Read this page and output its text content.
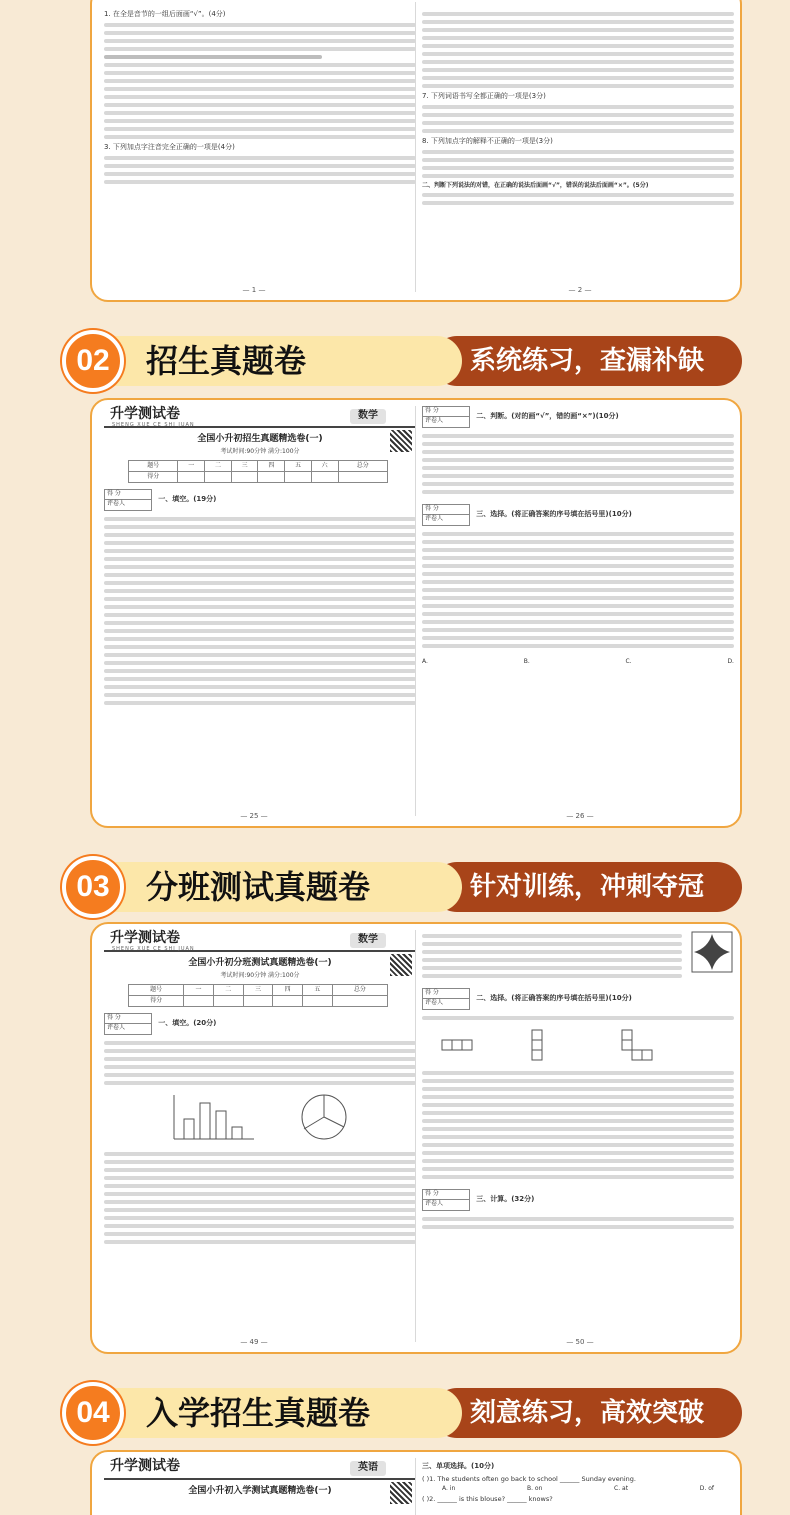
1. 在全是音节的一组后面画“√”。(4分)
3. 下列加点字注音完全正确的一项是(4分)
— 1 —
7. 下列词语书写全都正确的一项是(3分)
8. 下列加点字的解释不正确的一项是(3分)
二、判断下列说法的对错，在正确的说法后面画“√”，错误的说法后面画“×”。(5分)
— 2 —
02	招生真题卷	系统练习，查漏补缺
升学测试卷
SHENG XUE CE SHI JUAN
数学
全国小升初招生真题精选卷(一)
考试时间:90分钟 满分:100分
题号	一	二	三	四	五	六	总分
得分							
得 分
评卷人
一、填空。(19分)
— 25 —
得 分
评卷人
二、判断。(对的画“√”，错的画“×”)(10分)
得 分
评卷人
三、选择。(将正确答案的序号填在括号里)(10分)
A.	B.	C.	D.
— 26 —
03	分班测试真题卷	针对训练，冲刺夺冠
升学测试卷
SHENG XUE CE SHI JUAN
数学
全国小升初分班测试真题精选卷(一)
考试时间:90分钟 满分:100分
题号	一	二	三	四	五	总分
得分						
得 分
评卷人
一、填空。(20分)
— 49 —
得 分
评卷人
二、选择。(将正确答案的序号填在括号里)(10分)
得 分
评卷人
三、计算。(32分)
— 50 —
04	入学招生真题卷	刻意练习，高效突破
升学测试卷	英语
全国小升初入学测试真题精选卷(一)
三、单项选择。(10分)
( )1. The students often go back to school ______ Sunday evening.
A. in	B. on	C. at	D. of
( )2. ______ is this blouse? ______ knows?
